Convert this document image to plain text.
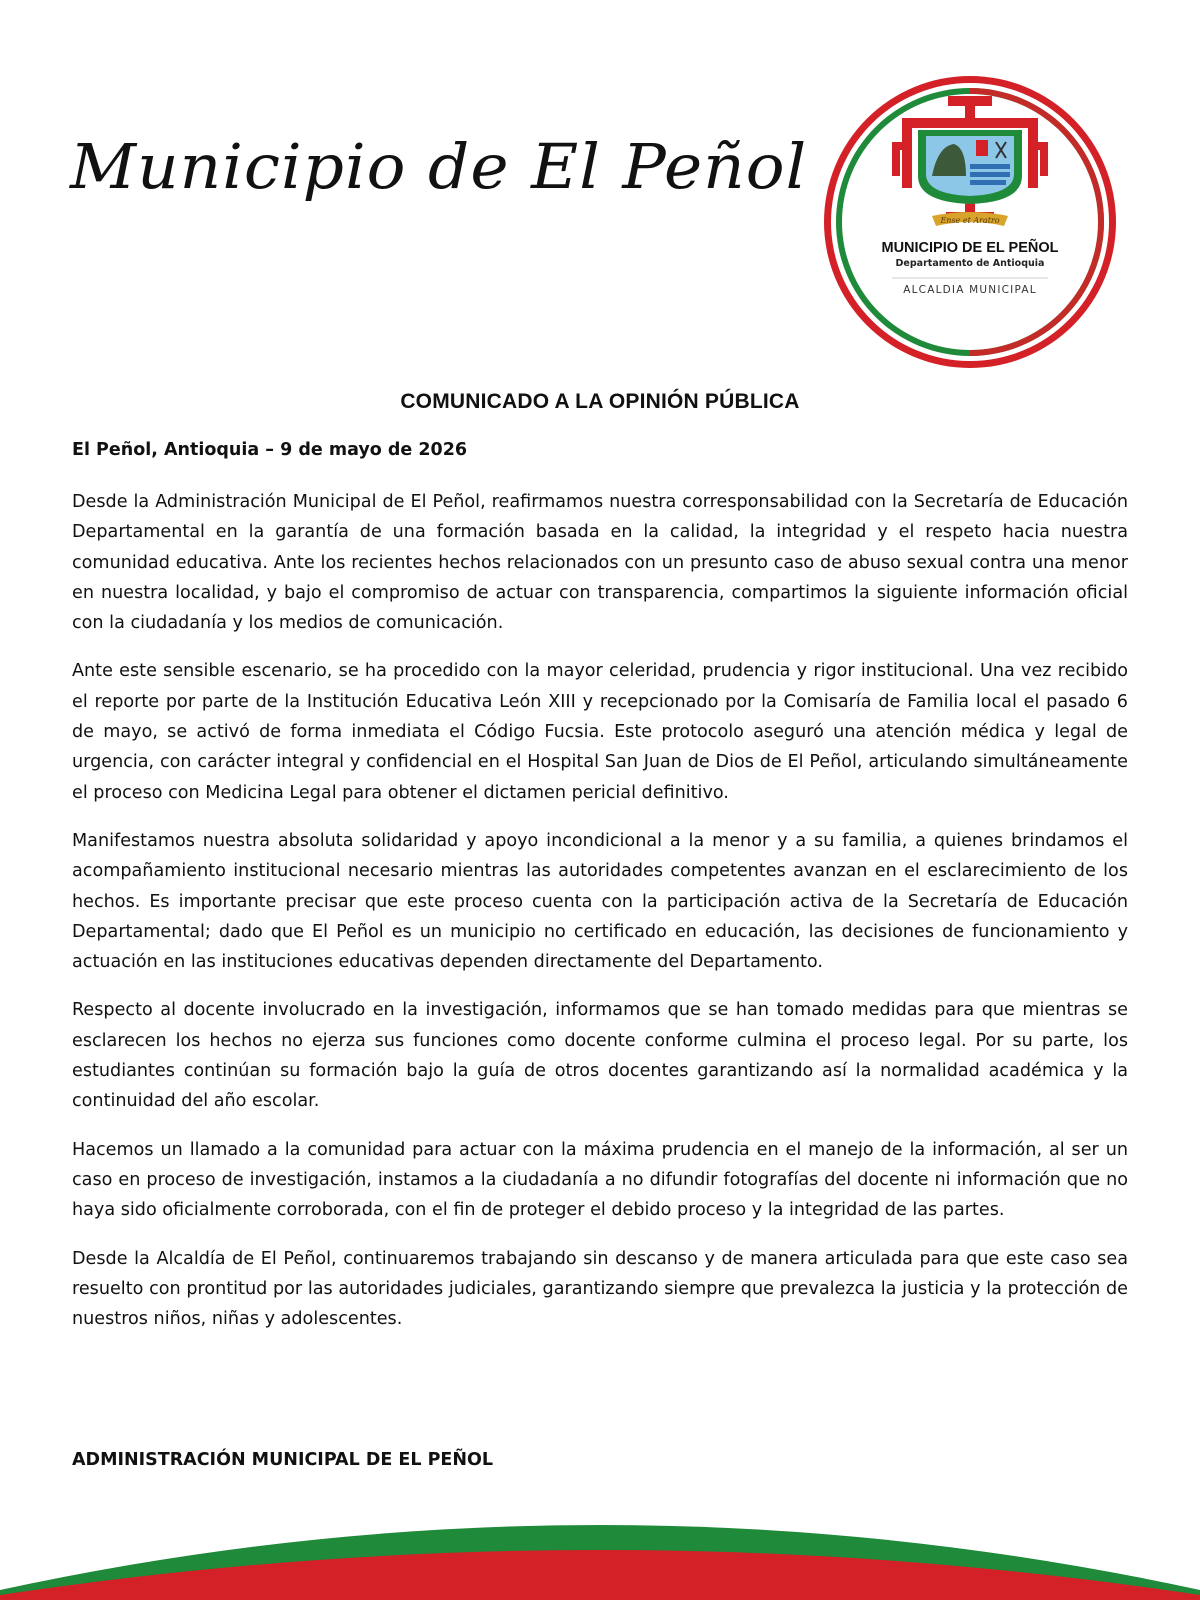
Municipio de El Peñol
Ense et Aratro
MUNICIPIO DE EL PEÑOL
Departamento de Antioquia
ALCALDIA MUNICIPAL
COMUNICADO A LA OPINIÓN PÚBLICA
El Peñol, Antioquia – 9 de mayo de 2026

Desde la Administración Municipal de El Peñol, reafirmamos nuestra corresponsabilidad con la Secretaría de Educación Departamental en la garantía de una formación basada en la calidad, la integridad y el respeto hacia nuestra comunidad educativa. Ante los recientes hechos relacionados con un presunto caso de abuso sexual contra una menor en nuestra localidad, y bajo el compromiso de actuar con transparencia, compartimos la siguiente información oficial con la ciudadanía y los medios de comunicación.

Ante este sensible escenario, se ha procedido con la mayor celeridad, prudencia y rigor institucional. Una vez recibido el reporte por parte de la Institución Educativa León XIII y recepcionado por la Comisaría de Familia local el pasado 6 de mayo, se activó de forma inmediata el Código Fucsia. Este protocolo aseguró una atención médica y legal de urgencia, con carácter integral y confidencial en el Hospital San Juan de Dios de El Peñol, articulando simultáneamente el proceso con Medicina Legal para obtener el dictamen pericial definitivo.

Manifestamos nuestra absoluta solidaridad y apoyo incondicional a la menor y a su familia, a quienes brindamos el acompañamiento institucional necesario mientras las autoridades competentes avanzan en el esclarecimiento de los hechos. Es importante precisar que este proceso cuenta con la participación activa de la Secretaría de Educación Departamental; dado que El Peñol es un municipio no certificado en educación, las decisiones de funcionamiento y actuación en las instituciones educativas dependen directamente del Departamento.

Respecto al docente involucrado en la investigación, informamos que se han tomado medidas para que mientras se esclarecen los hechos no ejerza sus funciones como docente conforme culmina el proceso legal. Por su parte, los estudiantes continúan su formación bajo la guía de otros docentes garantizando así la normalidad académica y la continuidad del año escolar.

Hacemos un llamado a la comunidad para actuar con la máxima prudencia en el manejo de la información, al ser un caso en proceso de investigación, instamos a la ciudadanía a no difundir fotografías del docente ni información que no haya sido oficialmente corroborada, con el fin de proteger el debido proceso y la integridad de las partes.

Desde la Alcaldía de El Peñol, continuaremos trabajando sin descanso y de manera articulada para que este caso sea resuelto con prontitud por las autoridades judiciales, garantizando siempre que prevalezca la justicia y la protección de nuestros niños, niñas y adolescentes.

ADMINISTRACIÓN MUNICIPAL DE EL PEÑOL
